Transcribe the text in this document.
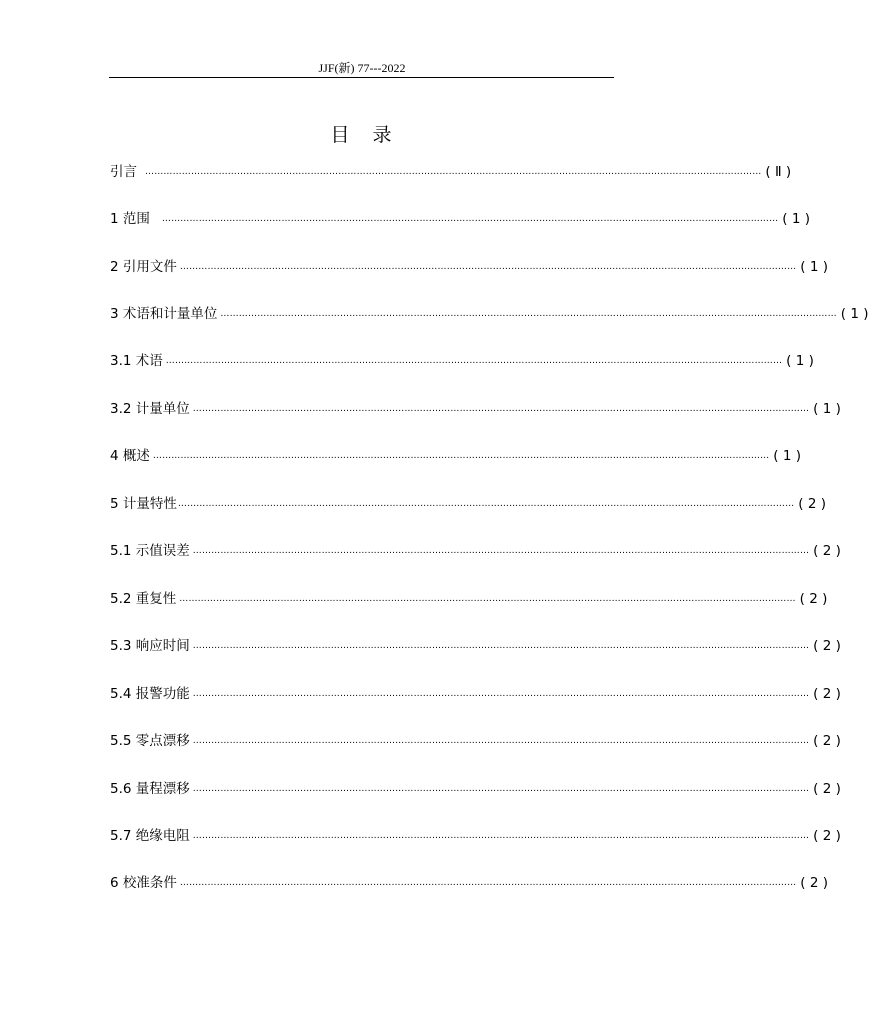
JJF(新) 77---2022
目　录
引言 ………………………………………………………………………………………………………………………………………………………………………………… ( Ⅱ )
1 范围	………………………………………………………………………………………………………………………………………………………………………………… ( 1 )
2 引用文件 ………………………………………………………………………………………………………………………………………………………………………………… ( 1 )
3 术语和计量单位 ………………………………………………………………………………………………………………………………………………………………………………… ( 1 )
3.1 术语 ………………………………………………………………………………………………………………………………………………………………………………… ( 1 )
3.2 计量单位 ………………………………………………………………………………………………………………………………………………………………………………… ( 1 )
4 概述 ………………………………………………………………………………………………………………………………………………………………………………… ( 1 )
5 计量特性 ………………………………………………………………………………………………………………………………………………………………………………… ( 2 )
5.1 示值误差 ………………………………………………………………………………………………………………………………………………………………………………… ( 2 )
5.2 重复性 ………………………………………………………………………………………………………………………………………………………………………………… ( 2 )
5.3 响应时间 ………………………………………………………………………………………………………………………………………………………………………………… ( 2 )
5.4 报警功能 ………………………………………………………………………………………………………………………………………………………………………………… ( 2 )
5.5 零点漂移 ………………………………………………………………………………………………………………………………………………………………………………… ( 2 )
5.6 量程漂移 ………………………………………………………………………………………………………………………………………………………………………………… ( 2 )
5.7 绝缘电阻 ………………………………………………………………………………………………………………………………………………………………………………… ( 2 )
6 校准条件 ………………………………………………………………………………………………………………………………………………………………………………… ( 2 )
